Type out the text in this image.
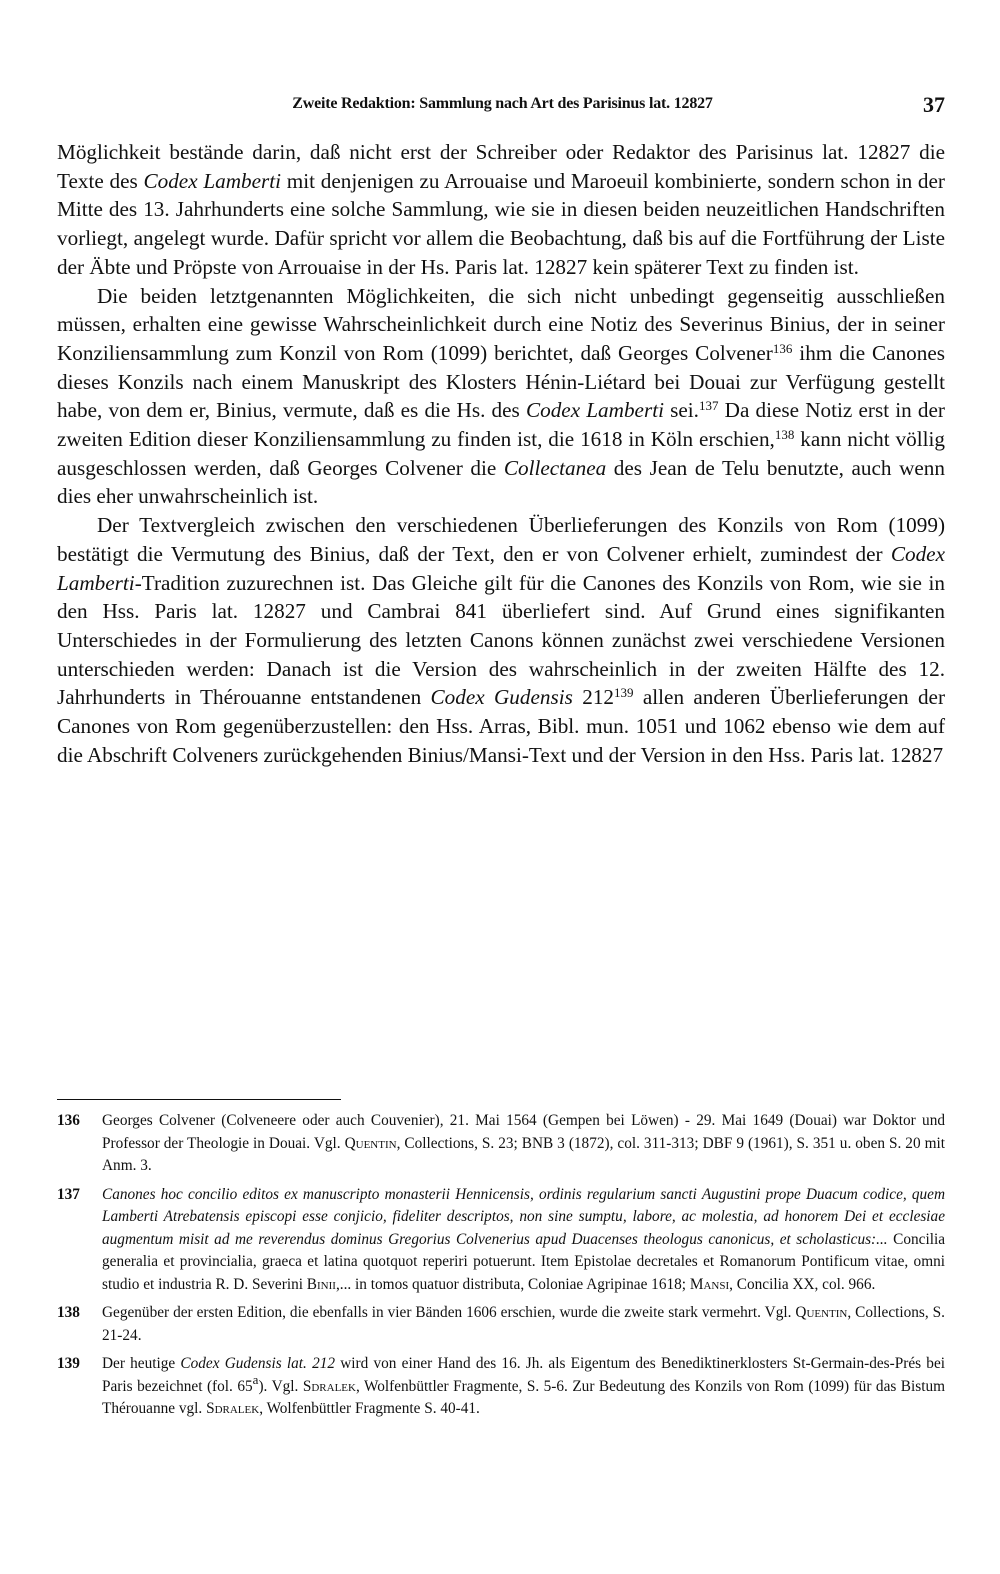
Zweite Redaktion: Sammlung nach Art des Parisinus lat. 12827	37

Möglichkeit bestände darin, daß nicht erst der Schreiber oder Redaktor des Parisinus lat. 12827 die Texte des Codex Lamberti mit denjenigen zu Arrouaise und Maroeuil kombinierte, sondern schon in der Mitte des 13. Jahrhunderts eine solche Sammlung, wie sie in diesen beiden neuzeitlichen Handschriften vorliegt, angelegt wurde. Dafür spricht vor allem die Beobachtung, daß bis auf die Fortführung der Liste der Äbte und Pröpste von Arrouaise in der Hs. Paris lat. 12827 kein späterer Text zu finden ist.

Die beiden letztgenannten Möglichkeiten, die sich nicht unbedingt gegenseitig ausschließen müssen, erhalten eine gewisse Wahrscheinlichkeit durch eine Notiz des Severinus Binius, der in seiner Konziliensammlung zum Konzil von Rom (1099) berichtet, daß Georges Colvener$^{136}$ ihm die Canones dieses Konzils nach einem Manuskript des Klosters Hénin-Liétard bei Douai zur Verfügung gestellt habe, von dem er, Binius, vermute, daß es die Hs. des Codex Lamberti sei.$^{137}$ Da diese Notiz erst in der zweiten Edition dieser Konziliensammlung zu finden ist, die 1618 in Köln erschien,$^{138}$ kann nicht völlig ausgeschlossen werden, daß Georges Colvener die Collectanea des Jean de Telu benutzte, auch wenn dies eher unwahrscheinlich ist.

Der Textvergleich zwischen den verschiedenen Überlieferungen des Konzils von Rom (1099) bestätigt die Vermutung des Binius, daß der Text, den er von Colvener erhielt, zumindest der Codex Lamberti-Tradition zuzurechnen ist. Das Gleiche gilt für die Canones des Konzils von Rom, wie sie in den Hss. Paris lat. 12827 und Cambrai 841 überliefert sind. Auf Grund eines signifikanten Unterschiedes in der Formulierung des letzten Canons können zunächst zwei verschiedene Versionen unterschieden werden: Danach ist die Version des wahrscheinlich in der zweiten Hälfte des 12. Jahrhunderts in Thérouanne entstandenen Codex Gudensis $212^{139}$ allen anderen Überlieferungen der Canones von Rom gegenüberzustellen: den Hss. Arras, Bibl. mun. 1051 und 1062 ebenso wie dem auf die Abschrift Colveners zurückgehenden Binius/Mansi-Text und der Version in den Hss. Paris lat. 12827

136 Georges Colvener (Colveneere oder auch Couvenier), 21. Mai 1564 (Gempen bei Löwen) - 29. Mai 1649 (Douai) war Doktor und Professor der Theologie in Douai. Vgl. Quentin, Collections, S. 23; BNB 3 (1872), col. 311-313; DBF 9 (1961), S. 351 u. oben S. 20 mit Anm. 3.
137 Canones hoc concilio editos ex manuscripto monasterii Hennicensis, ordinis regularium sancti Augustini prope Duacum codice, quem Lamberti Atrebatensis episcopi esse conjicio, fideliter descriptos, non sine sumptu, labore, ac molestia, ad honorem Dei et ecclesiae augmentum misit ad me reverendus dominus Gregorius Colvenerius apud Duacenses theologus canonicus, et scholasticus:... Concilia generalia et provincialia, graeca et latina quotquot reperiri potuerunt. Item Epistolae decretales et Romanorum Pontificum vitae, omni studio et industria R. D. Severini Binii,... in tomos quatuor distributa, Coloniae Agripinae 1618; Mansi, Concilia XX, col. 966.
138 Gegenüber der ersten Edition, die ebenfalls in vier Bänden 1606 erschien, wurde die zweite stark vermehrt. Vgl. Quentin, Collections, S. 21-24.
139 Der heutige Codex Gudensis lat. 212 wird von einer Hand des 16. Jh. als Eigentum des Benediktinerklosters St-Germain-des-Prés bei Paris bezeichnet (fol. 65$^a$). Vgl. Sdralek, Wolfenbüttler Fragmente, S. 5-6. Zur Bedeutung des Konzils von Rom (1099) für das Bistum Thérouanne vgl. Sdralek, Wolfenbüttler Fragmente S. 40-41.
